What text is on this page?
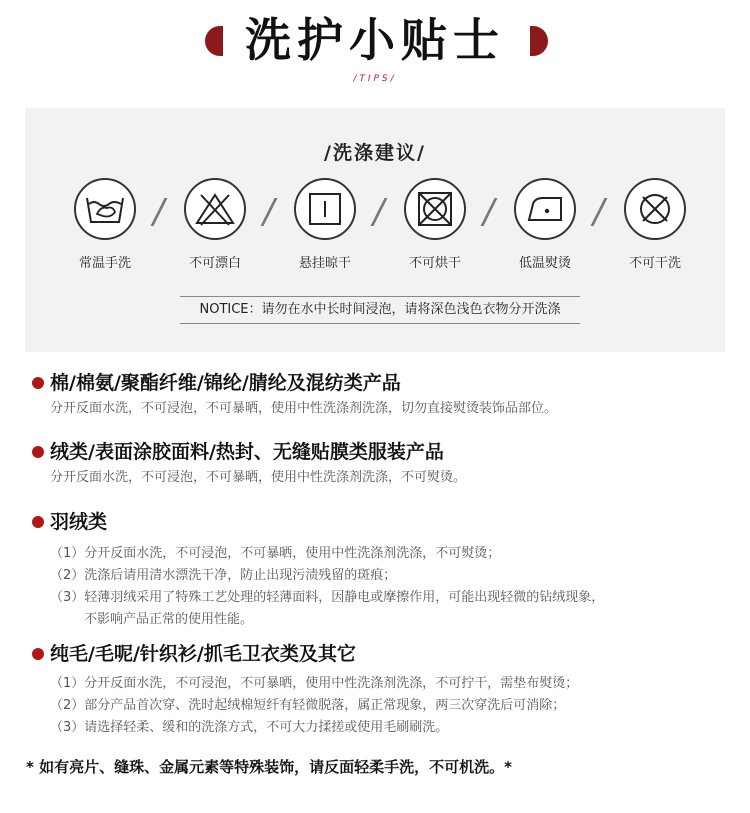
洗护小贴士
/TIPS/
/洗涤建议/
常温手洗
/
不可漂白
/
悬挂晾干
/
不可烘干
/
低温熨烫
/
不可干洗
NOTICE：请勿在水中长时间浸泡，请将深色浅色衣物分开洗涤
棉/棉氨/聚酯纤维/锦纶/腈纶及混纺类产品
分开反面水洗，不可浸泡，不可暴晒，使用中性洗涤剂洗涤，切勿直接熨烫装饰品部位。
绒类/表面涂胶面料/热封、无缝贴膜类服装产品
分开反面水洗，不可浸泡，不可暴晒，使用中性洗涤剂洗涤，不可熨烫。
羽绒类
（1）分开反面水洗，不可浸泡，不可暴晒，使用中性洗涤剂洗涤，不可熨烫；
（2）洗涤后请用清水漂洗干净，防止出现污渍残留的斑痕；
（3）轻薄羽绒采用了特殊工艺处理的轻薄面料，因静电或摩擦作用，可能出现轻微的钻绒现象，
不影响产品正常的使用性能。
纯毛/毛呢/针织衫/抓毛卫衣类及其它
（1）分开反面水洗，不可浸泡，不可暴晒，使用中性洗涤剂洗涤，不可拧干，需垫布熨烫；
（2）部分产品首次穿、洗时起绒棉短纤有轻微脱落，属正常现象，两三次穿洗后可消除；
（3）请选择轻柔、缓和的洗涤方式，不可大力揉搓或使用毛刷刷洗。
* 如有亮片、缝珠、金属元素等特殊装饰，请反面轻柔手洗，不可机洗。*
